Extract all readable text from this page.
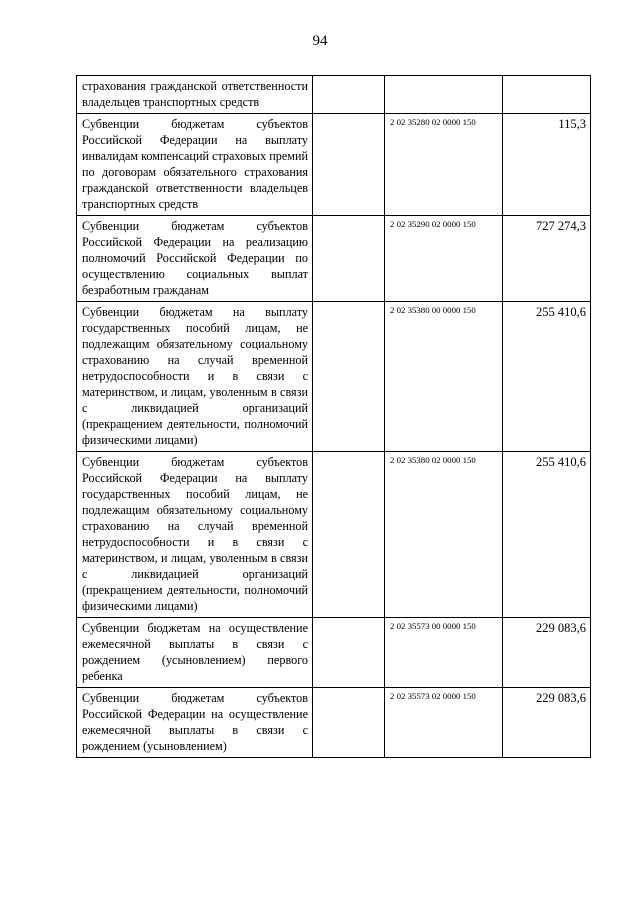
94
страхования гражданской ответственности владельцев транспортных средств			

Субвенции бюджетам субъектов Российской Федерации на выплату инвалидам компенсаций страховых премий по договорам обязательного страхования гражданской ответственности владельцев транспортных средств		2 02 35280 02 0000 150	115,3

Субвенции бюджетам субъектов Российской Федерации на реализацию полномочий Российской Федерации по осуществлению социальных выплат безработным гражданам		2 02 35290 02 0000 150	727 274,3

Субвенции бюджетам на выплату государственных пособий лицам, не подлежащим обязательному социальному страхованию на случай временной нетрудоспособности и в связи с материнством, и лицам, уволенным в связи с ликвидацией организаций (прекращением деятельности, полномочий физическими лицами)		2 02 35380 00 0000 150	255 410,6

Субвенции бюджетам субъектов Российской Федерации на выплату государственных пособий лицам, не подлежащим обязательному социальному страхованию на случай временной нетрудоспособности и в связи с материнством, и лицам, уволенным в связи с ликвидацией организаций (прекращением деятельности, полномочий физическими лицами)		2 02 35380 02 0000 150	255 410,6

Субвенции бюджетам на осуществление ежемесячной выплаты в связи с рождением (усыновлением) первого ребенка		2 02 35573 00 0000 150	229 083,6

Субвенции бюджетам субъектов Российской Федерации на осуществление ежемесячной выплаты в связи с рождением (усыновлением)		2 02 35573 02 0000 150	229 083,6
